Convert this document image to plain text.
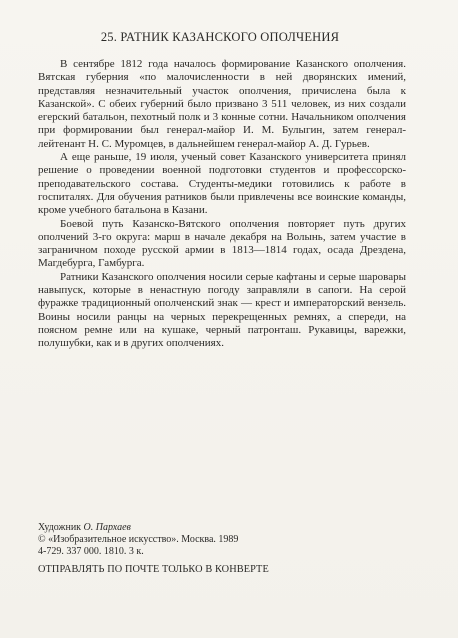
25. РАТНИК КАЗАНСКОГО ОПОЛЧЕНИЯ

В сентябре 1812 года началось формирование Казанского ополчения. Вятская губерния «по малочисленности в ней дворянских имений, представляя незначительный участок ополчения, причислена была к Казанской». С обеих губерний было призвано 3 511 человек, из них создали егерский батальон, пехотный полк и 3 конные сотни. Начальником ополчения при формировании был генерал-майор И. М. Булыгин, затем генерал-лейтенант Н. С. Муромцев, в дальнейшем генерал-майор А. Д. Гурьев.

А еще раньше, 19 июля, ученый совет Казанского университета принял решение о проведении военной подготовки студентов и профессорско-преподавательского состава. Студенты-медики готовились к работе в госпиталях. Для обучения ратников были привлечены все воинские команды, кроме учебного батальона в Казани.

Боевой путь Казанско-Вятского ополчения повторяет путь других ополчений 3-го округа: марш в начале декабря на Волынь, затем участие в заграничном походе русской армии в 1813—1814 годах, осада Дрездена, Магдебурга, Гамбурга.

Ратники Казанского ополчения носили серые кафтаны и серые шаровары навыпуск, которые в ненастную погоду заправляли в сапоги. На серой фуражке традиционный ополченский знак — крест и императорский вензель. Воины носили ранцы на черных перекрещенных ремнях, а спереди, на поясном ремне или на кушаке, черный патронташ. Рукавицы, варежки, полушубки, как и в других ополчениях.

Художник О. Пархаев
© «Изобразительное искусство». Москва. 1989
4-729. 337 000. 1810. 3 к.
ОТПРАВЛЯТЬ ПО ПОЧТЕ ТОЛЬКО В КОНВЕРТЕ
